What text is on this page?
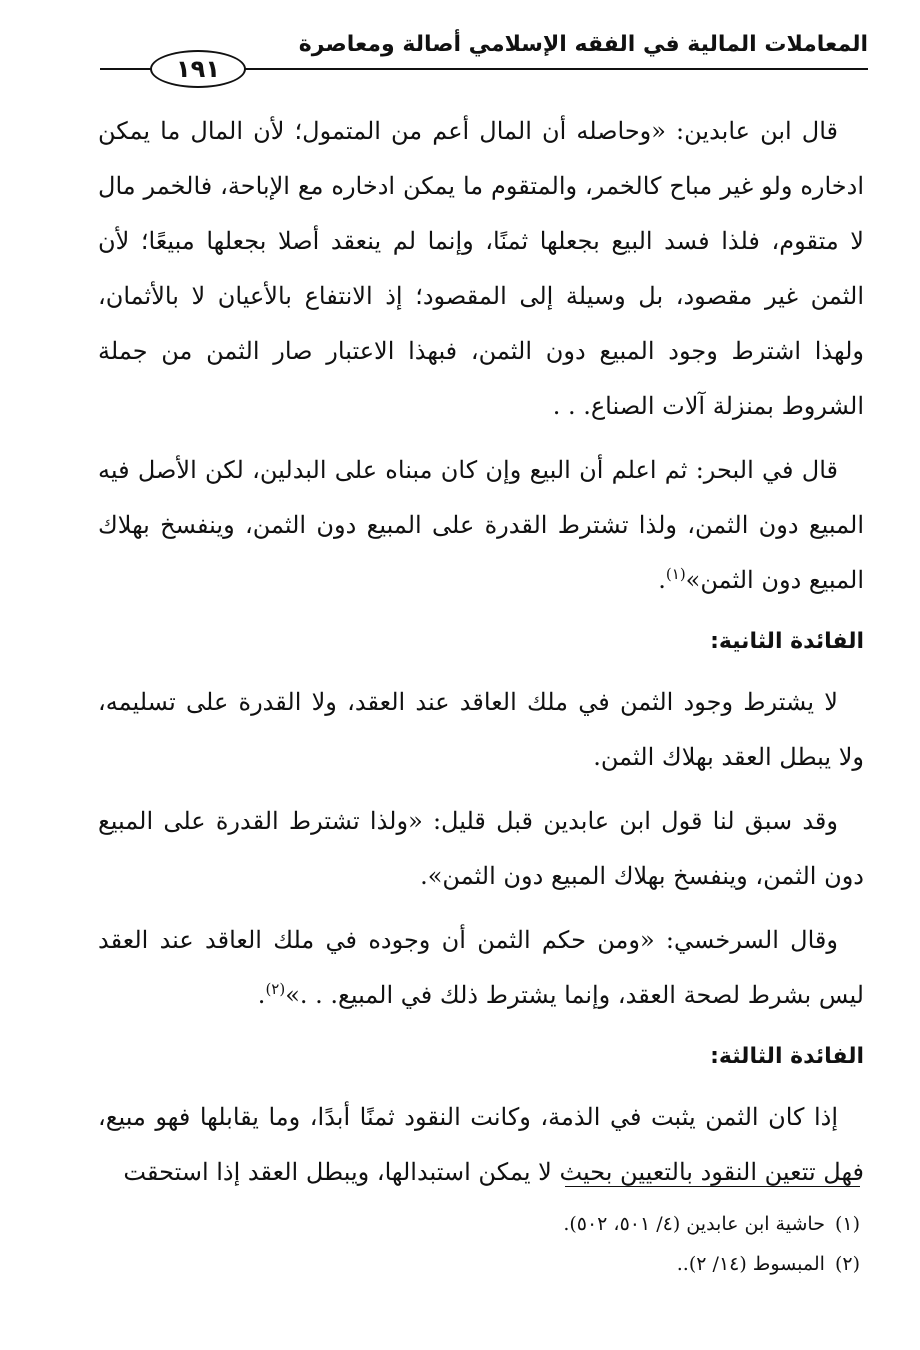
المعاملات المالية في الفقه الإسلامي أصالة ومعاصرة
١٩١

قال ابن عابدين: «وحاصله أن المال أعم من المتمول؛ لأن المال ما يمكن ادخاره ولو غير مباح كالخمر، والمتقوم ما يمكن ادخاره مع الإباحة، فالخمر مال لا متقوم، فلذا فسد البيع بجعلها ثمنًا، وإنما لم ينعقد أصلا بجعلها مبيعًا؛ لأن الثمن غير مقصود، بل وسيلة إلى المقصود؛ إذ الانتفاع بالأعيان لا بالأثمان، ولهذا اشترط وجود المبيع دون الثمن، فبهذا الاعتبار صار الثمن من جملة الشروط بمنزلة آلات الصناع. . .

قال في البحر: ثم اعلم أن البيع وإن كان مبناه على البدلين، لكن الأصل فيه المبيع دون الثمن، ولذا تشترط القدرة على المبيع دون الثمن، وينفسخ بهلاك المبيع دون الثمن»$^{(١)}$.

الفائدة الثانية:

لا يشترط وجود الثمن في ملك العاقد عند العقد، ولا القدرة على تسليمه، ولا يبطل العقد بهلاك الثمن.

وقد سبق لنا قول ابن عابدين قبل قليل: «ولذا تشترط القدرة على المبيع دون الثمن، وينفسخ بهلاك المبيع دون الثمن».

وقال السرخسي: «ومن حكم الثمن أن وجوده في ملك العاقد عند العقد ليس بشرط لصحة العقد، وإنما يشترط ذلك في المبيع. . .»$^{(٢)}$.

الفائدة الثالثة:

إذا كان الثمن يثبت في الذمة، وكانت النقود ثمنًا أبدًا، وما يقابلها فهو مبيع، فهل تتعين النقود بالتعيين بحيث لا يمكن استبدالها، ويبطل العقد إذا استحقت

(١)حاشية ابن عابدين (٤/ ٥٠١، ٥٠٢).

(٢)المبسوط (١٤/ ٢)..
